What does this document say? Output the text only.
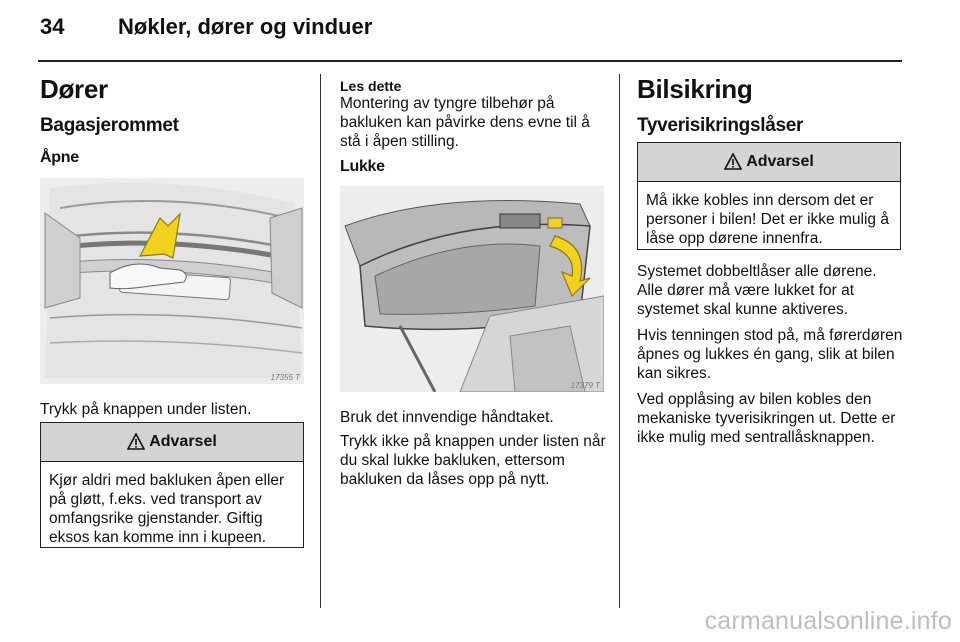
34 Nøkler, dører og vinduer
Dører
Bagasjerommet
Åpne
17355 T
Trykk på knappen under listen.
Advarsel
Kjør aldri med bakluken åpen eller på gløtt, f.eks. ved transport av omfangsrike gjenstander. Giftig eksos kan komme inn i kupeen.
Les dette
Montering av tyngre tilbehør på bakluken kan påvirke dens evne til å stå i åpen stilling.
Lukke
17379 T
Bruk det innvendige håndtaket.
Trykk ikke på knappen under listen når du skal lukke bakluken, ettersom bakluken da låses opp på nytt.
Bilsikring
Tyverisikringslåser
Advarsel
Må ikke kobles inn dersom det er personer i bilen! Det er ikke mulig å låse opp dørene innenfra.

Systemet dobbeltlåser alle dørene. Alle dører må være lukket for at systemet skal kunne aktiveres.

Hvis tenningen stod på, må førerdøren åpnes og lukkes én gang, slik at bilen kan sikres.

Ved opplåsing av bilen kobles den mekaniske tyverisikringen ut. Dette er ikke mulig med sentrallåsknappen.

carmanualsonline.info
